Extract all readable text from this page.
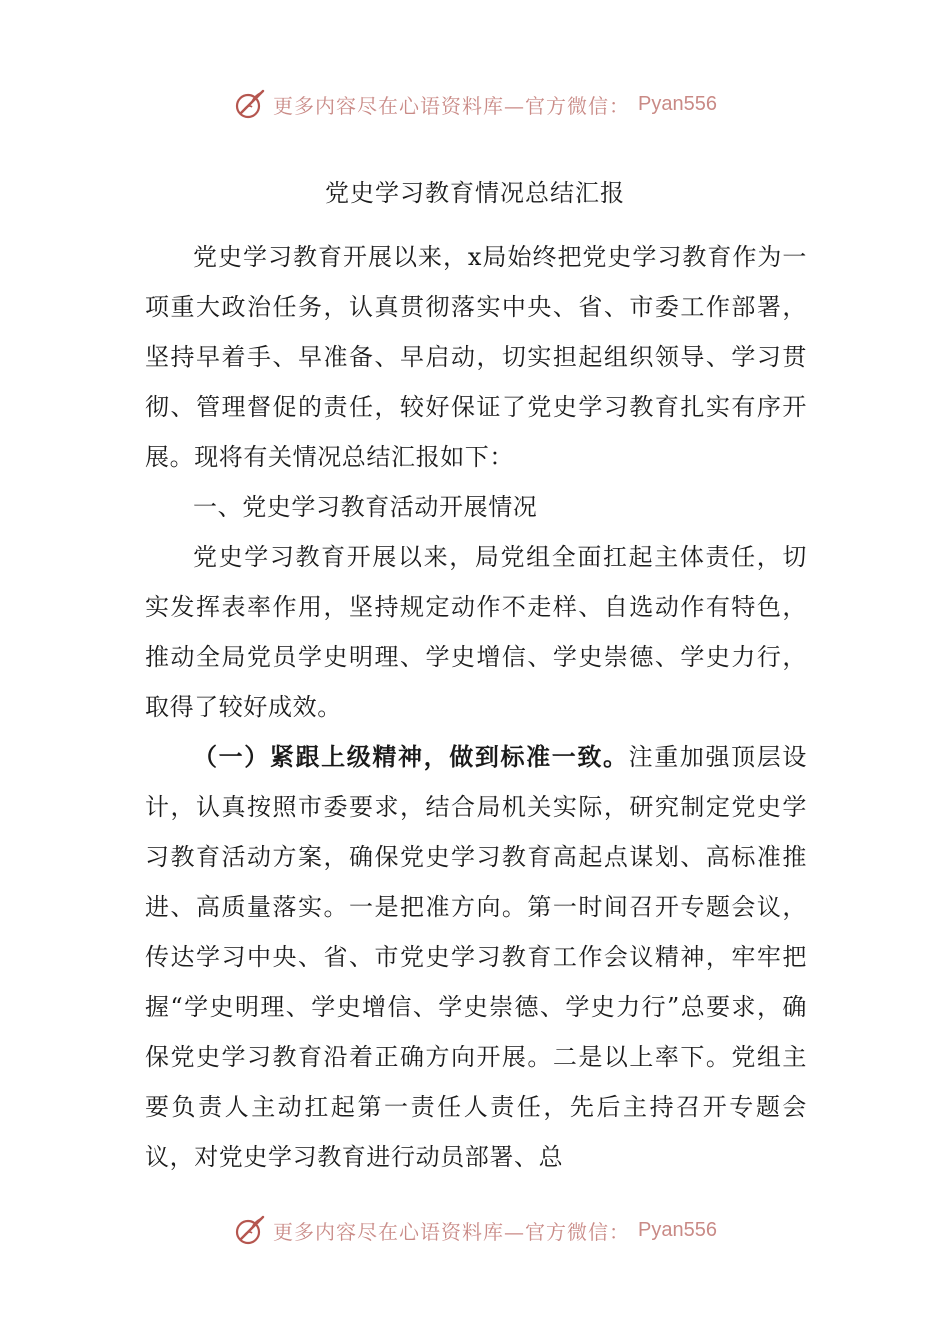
更多内容尽在心语资料库—官方微信： Pyan556
党史学习教育情况总结汇报

党史学习教育开展以来，x局始终把党史学习教育作为一项重大政治任务，认真贯彻落实中央、省、市委工作部署，坚持早着手、早准备、早启动，切实担起组织领导、学习贯彻、管理督促的责任，较好保证了党史学习教育扎实有序开展。现将有关情况总结汇报如下：

一、党史学习教育活动开展情况

党史学习教育开展以来，局党组全面扛起主体责任，切实发挥表率作用，坚持规定动作不走样、自选动作有特色，推动全局党员学史明理、学史增信、学史崇德、学史力行，取得了较好成效。

（一）紧跟上级精神，做到标准一致。注重加强顶层设计，认真按照市委要求，结合局机关实际，研究制定党史学习教育活动方案，确保党史学习教育高起点谋划、高标准推进、高质量落实。一是把准方向。第一时间召开专题会议，传达学习中央、省、市党史学习教育工作会议精神，牢牢把握“学史明理、学史增信、学史崇德、学史力行”总要求，确保党史学习教育沿着正确方向开展。二是以上率下。党组主要负责人主动扛起第一责任人责任，先后主持召开专题会议，对党史学习教育进行动员部署、总

更多内容尽在心语资料库—官方微信： Pyan556
